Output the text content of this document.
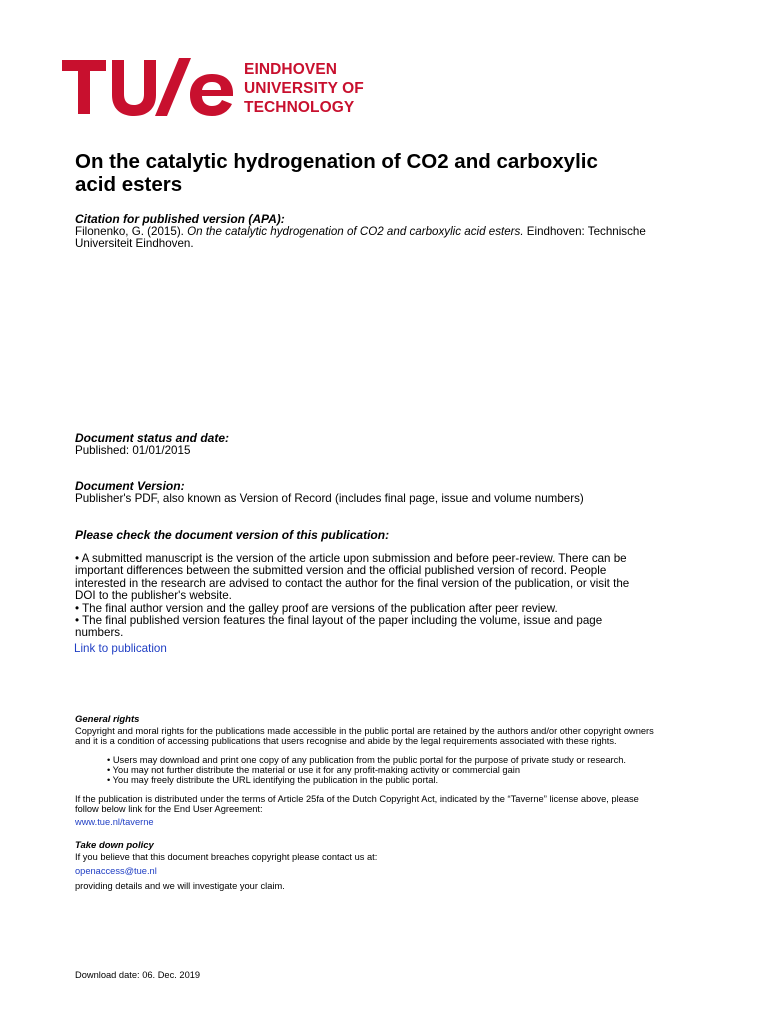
EINDHOVEN
UNIVERSITY OF
TECHNOLOGY
On the catalytic hydrogenation of CO2 and carboxylic
acid esters
Citation for published version (APA):
Filonenko, G. (2015). On the catalytic hydrogenation of CO2 and carboxylic acid esters. Eindhoven: Technische
Universiteit Eindhoven.
Document status and date:
Published: 01/01/2015
Document Version:
Publisher's PDF, also known as Version of Record (includes final page, issue and volume numbers)
Please check the document version of this publication:
• A submitted manuscript is the version of the article upon submission and before peer-review. There can be
important differences between the submitted version and the official published version of record. People
interested in the research are advised to contact the author for the final version of the publication, or visit the
DOI to the publisher's website.
• The final author version and the galley proof are versions of the publication after peer review.
• The final published version features the final layout of the paper including the volume, issue and page
numbers.
Link to publication
General rights
Copyright and moral rights for the publications made accessible in the public portal are retained by the authors and/or other copyright owners
and it is a condition of accessing publications that users recognise and abide by the legal requirements associated with these rights.
• Users may download and print one copy of any publication from the public portal for the purpose of private study or research.
• You may not further distribute the material or use it for any profit-making activity or commercial gain
• You may freely distribute the URL identifying the publication in the public portal.
If the publication is distributed under the terms of Article 25fa of the Dutch Copyright Act, indicated by the “Taverne” license above, please
follow below link for the End User Agreement:
www.tue.nl/taverne
Take down policy
If you believe that this document breaches copyright please contact us at:
openaccess@tue.nl
providing details and we will investigate your claim.
Download date: 06. Dec. 2019
